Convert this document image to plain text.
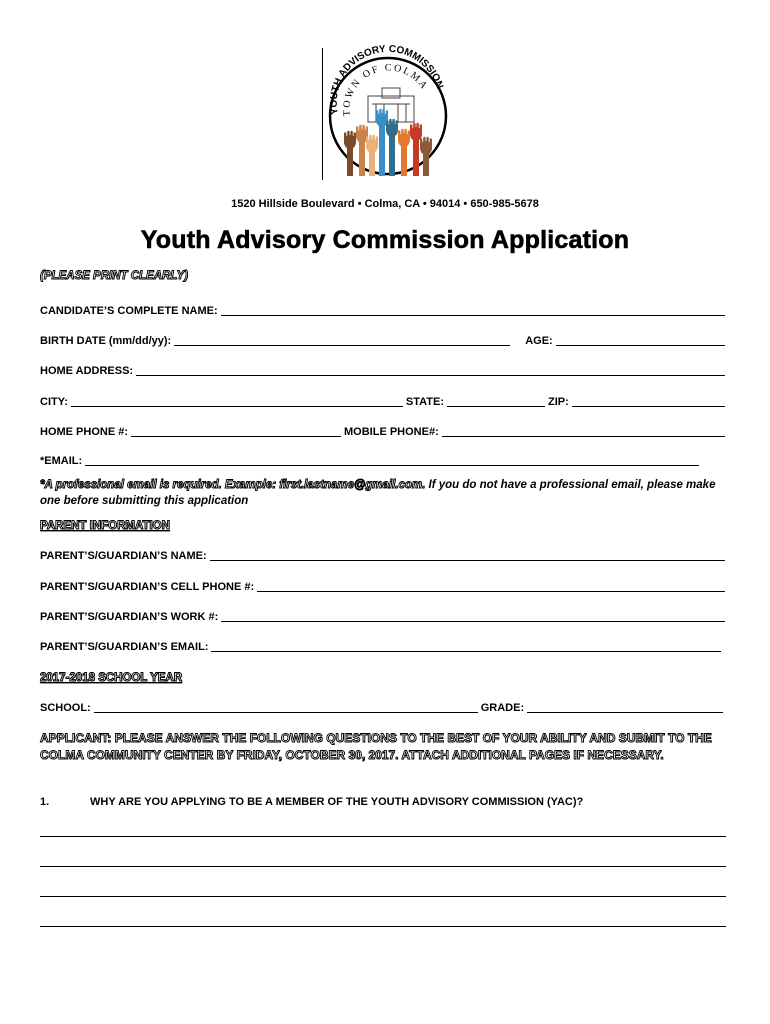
YOUTH ADVISORY COMMISSION
TOWN OF COLMA
1520 Hillside Boulevard • Colma, CA • 94014 • 650-985-5678
Youth Advisory Commission Application
(PLEASE PRINT CLEARLY)
CANDIDATE’S COMPLETE NAME:
BIRTH DATE (mm/dd/yy):	AGE:
HOME ADDRESS:
CITY:	STATE:	ZIP:
HOME PHONE #:	MOBILE PHONE#:
*EMAIL:
*A professional email is required. Example: first.lastname@gmail.com. If you do not have a professional email, please make one before submitting this application
PARENT INFORMATION
PARENT’S/GUARDIAN’S NAME:
PARENT’S/GUARDIAN’S CELL PHONE #:
PARENT’S/GUARDIAN’S WORK #:
PARENT’S/GUARDIAN’S EMAIL:
2017-2018 SCHOOL YEAR
SCHOOL:	GRADE:
APPLICANT: PLEASE ANSWER THE FOLLOWING QUESTIONS TO THE BEST OF YOUR ABILITY AND SUBMIT TO THE COLMA COMMUNITY CENTER BY FRIDAY, OCTOBER 30, 2017. ATTACH ADDITIONAL PAGES IF NECESSARY.
1.	WHY ARE YOU APPLYING TO BE A MEMBER OF THE YOUTH ADVISORY COMMISSION (YAC)?
